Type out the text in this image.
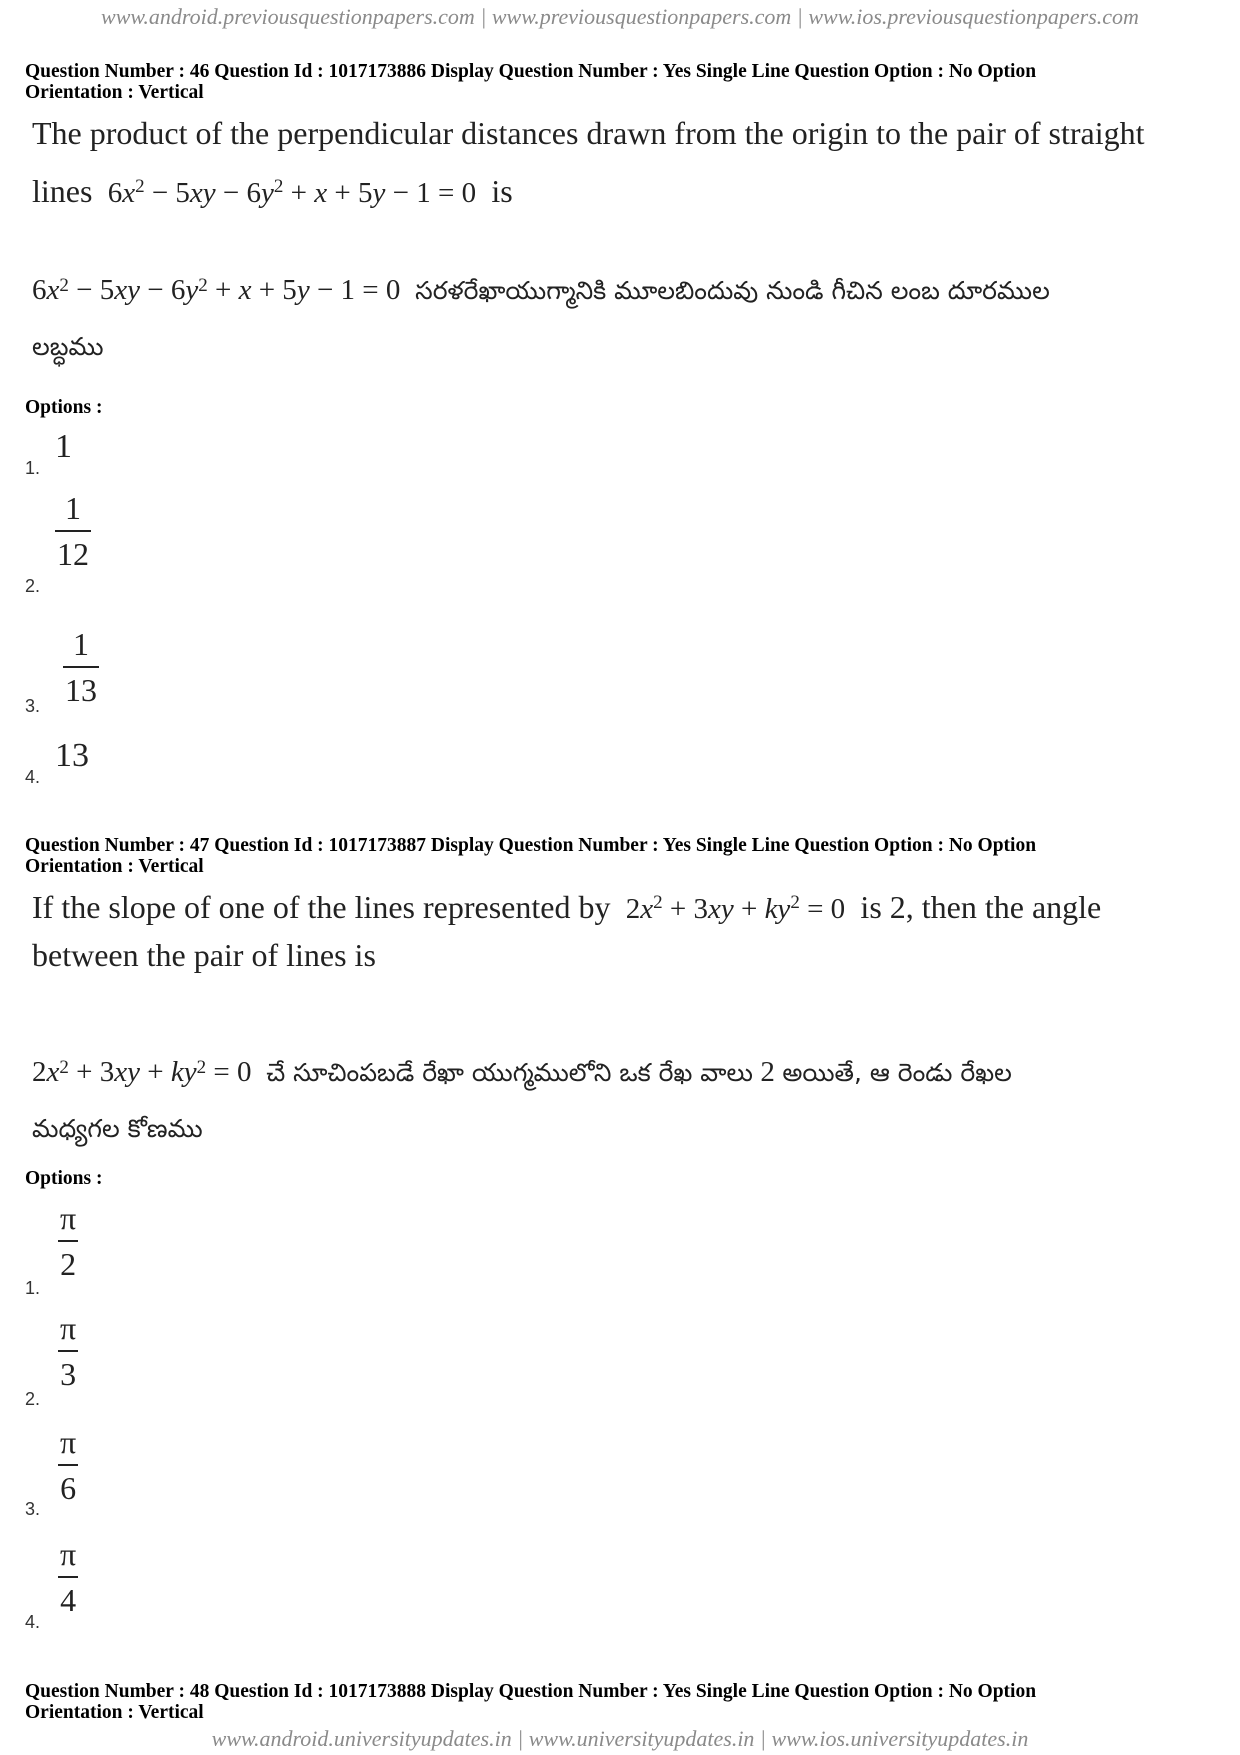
www.android.previousquestionpapers.com | www.previousquestionpapers.com | www.ios.previousquestionpapers.com
Question Number : 46 Question Id : 1017173886 Display Question Number : Yes Single Line Question Option : No Option
Orientation : Vertical
The product of the perpendicular distances drawn from the origin to the pair of straight
lines  $6x^2 - 5xy - 6y^2 + x + 5y - 1 = 0$  is
$6x^2 - 5xy - 6y^2 + x + 5y - 1 = 0$  సరళరేఖాయుగ్మానికి మూలబిందువు నుండి గీచిన లంబ దూరముల
లబ్ధము
Options :
1
1.
1
12
2.
1
13
3.
13
4.
Question Number : 47 Question Id : 1017173887 Display Question Number : Yes Single Line Question Option : No Option
Orientation : Vertical
If the slope of one of the lines represented by  $2x^2 + 3xy + ky^2 = 0$  is 2, then the angle
between the pair of lines is
$2x^2 + 3xy + ky^2 = 0$  చే సూచింపబడే రేఖా యుగ్మములోని ఒక రేఖ వాలు 2 అయితే, ఆ రెండు రేఖల
మధ్యగల కోణము
Options :
π
2
1.
π
3
2.
π
6
3.
π
4
4.
Question Number : 48 Question Id : 1017173888 Display Question Number : Yes Single Line Question Option : No Option
Orientation : Vertical
www.android.universityupdates.in | www.universityupdates.in | www.ios.universityupdates.in
